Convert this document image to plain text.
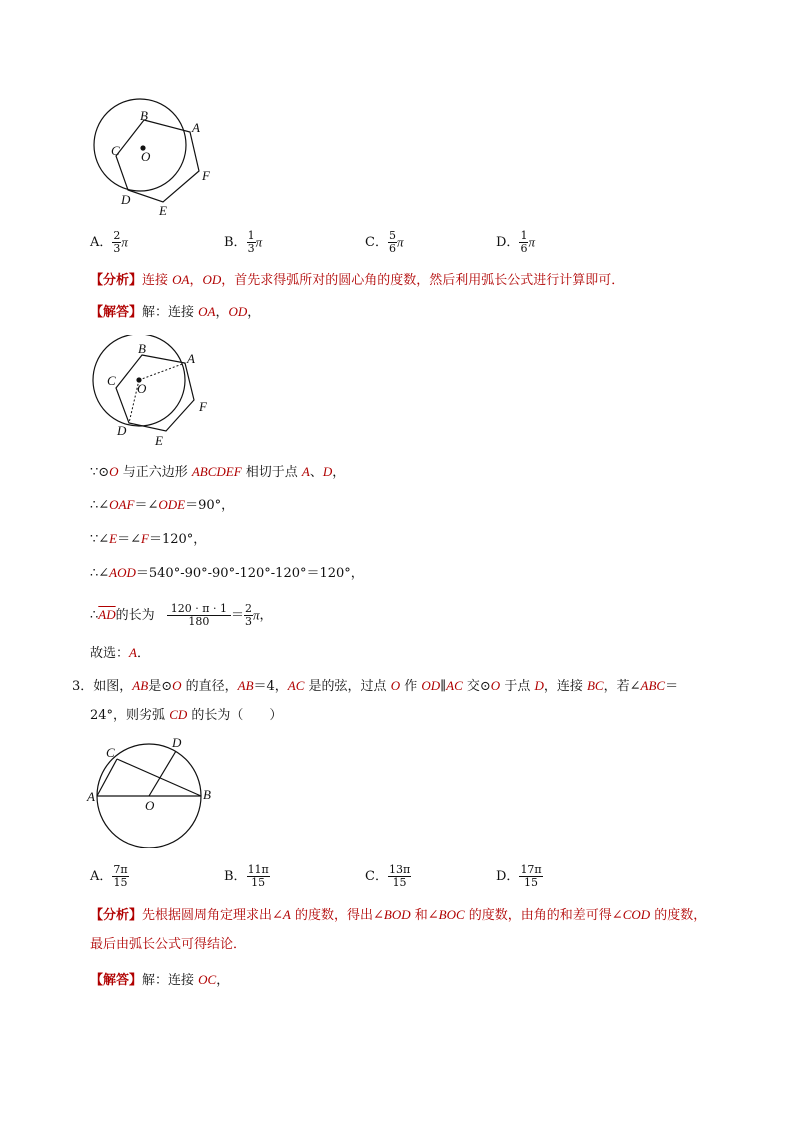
B
A
C O
F
D
E
A． $\frac{2}{3}$ π	B． $\frac{1}{3}$ π	C． $\frac{5}{6}$ π	D． $\frac{1}{6}$ π
【分析】连接 OA，OD，首先求得弧所对的圆心角的度数，然后利用弧长公式进行计算即可．
【解答】解：连接 OA，OD，
B
A
C
O
F
D
E
∵⊙O 与正六边形 ABCDEF 相切于点 A、D，
∴∠OAF＝∠ODE＝90°，
∵∠E＝∠F＝120°，
∴∠AOD＝540°-90°-90°-120°-120°＝120°，
$\therefore\overline{AD}$的长为 $\frac{120 \cdot \pi \cdot 1}{180} = \frac{2}{3}$ π，
故选：A．
3．如图，AB是⊙O 的直径，AB＝4，AC 是的弦，过点 O 作 OD∥AC 交⊙O 于点 D，连接 BC，若∠ABC＝
24°，则劣弧 CD 的长为（　　）
D
C
A
O
B
A． $\frac{7\pi}{15}$	B． $\frac{11\pi}{15}$	C． $\frac{13\pi}{15}$	D． $\frac{17\pi}{15}$
【分析】先根据圆周角定理求出∠A 的度数，得出∠BOD 和∠BOC 的度数，由角的和差可得∠COD 的度数，
最后由弧长公式可得结论．
【解答】解：连接 OC，
